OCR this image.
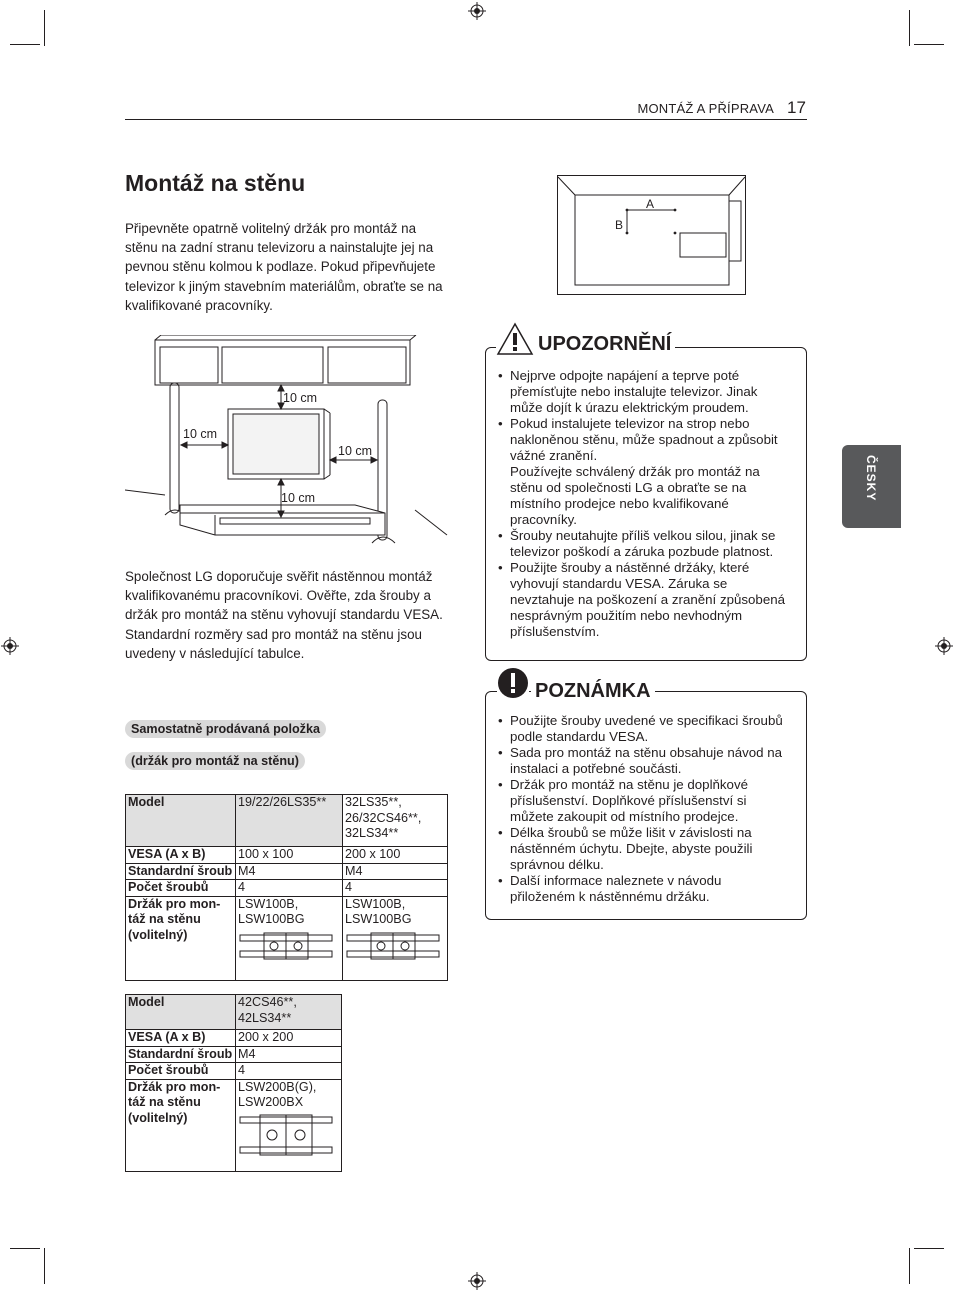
MONTÁŽ A PŘÍPRAVA 17
Montáž na stěnu

Připevněte opatrně volitelný držák pro montáž na stěnu na zadní stranu televizoru a nainstalujte jej na pevnou stěnu kolmou k podlaze. Pokud připevňujete televizor k jiným stavebním materiálům, obraťte se na kvalifikované pracovníky.

10 cm
10 cm
10 cm
10 cm

Společnost LG doporučuje svěřit nástěnnou montáž kvalifikovanému pracovníkovi. Ověřte, zda šrouby a držák pro montáž na stěnu vyhovují standardu VESA. Standardní rozměry sad pro montáž na stěnu jsou uvedeny v následující tabulce.

Samostatně prodávaná položka
(držák pro montáž na stěnu)
Model	19/22/26LS35**	32LS35**, 26/32CS46**, 32LS34**
VESA (A x B)	100 x 100	200 x 100
Standardní šroub	M4	M4
Počet šroubů	4	4
Držák pro mon-táž na stěnu (volitelný)	LSW100B, LSW100BG	LSW100B, LSW100BG
Model	42CS46**, 42LS34**
VESA (A x B)	200 x 200
Standardní šroub	M4
Počet šroubů	4
Držák pro mon-táž na stěnu (volitelný)	LSW200B(G), LSW200BX
A
B
ČESKY
UPOZORNĚNÍ
• Nejprve odpojte napájení a teprve poté přemísťujte nebo instalujte televizor. Jinak může dojít k úrazu elektrickým proudem.
• Pokud instalujete televizor na strop nebo nakloněnou stěnu, může spadnout a způsobit vážné zranění.
Používejte schválený držák pro montáž na stěnu od společnosti LG a obraťte se na místního prodejce nebo kvalifikované pracovníky.
• Šrouby neutahujte příliš velkou silou, jinak se televizor poškodí a záruka pozbude platnost.
• Použijte šrouby a nástěnné držáky, které vyhovují standardu VESA. Záruka se nevztahuje na poškození a zranění způsobená nesprávným použitím nebo nevhodným příslušenstvím.
POZNÁMKA
• Použijte šrouby uvedené ve specifikaci šroubů podle standardu VESA.
• Sada pro montáž na stěnu obsahuje návod na instalaci a potřebné součásti.
• Držák pro montáž na stěnu je doplňkové příslušenství. Doplňkové příslušenství si můžete zakoupit od místního prodejce.
• Délka šroubů se může lišit v závislosti na nástěnném úchytu. Dbejte, abyste použili správnou délku.
• Další informace naleznete v návodu přiloženém k nástěnnému držáku.
